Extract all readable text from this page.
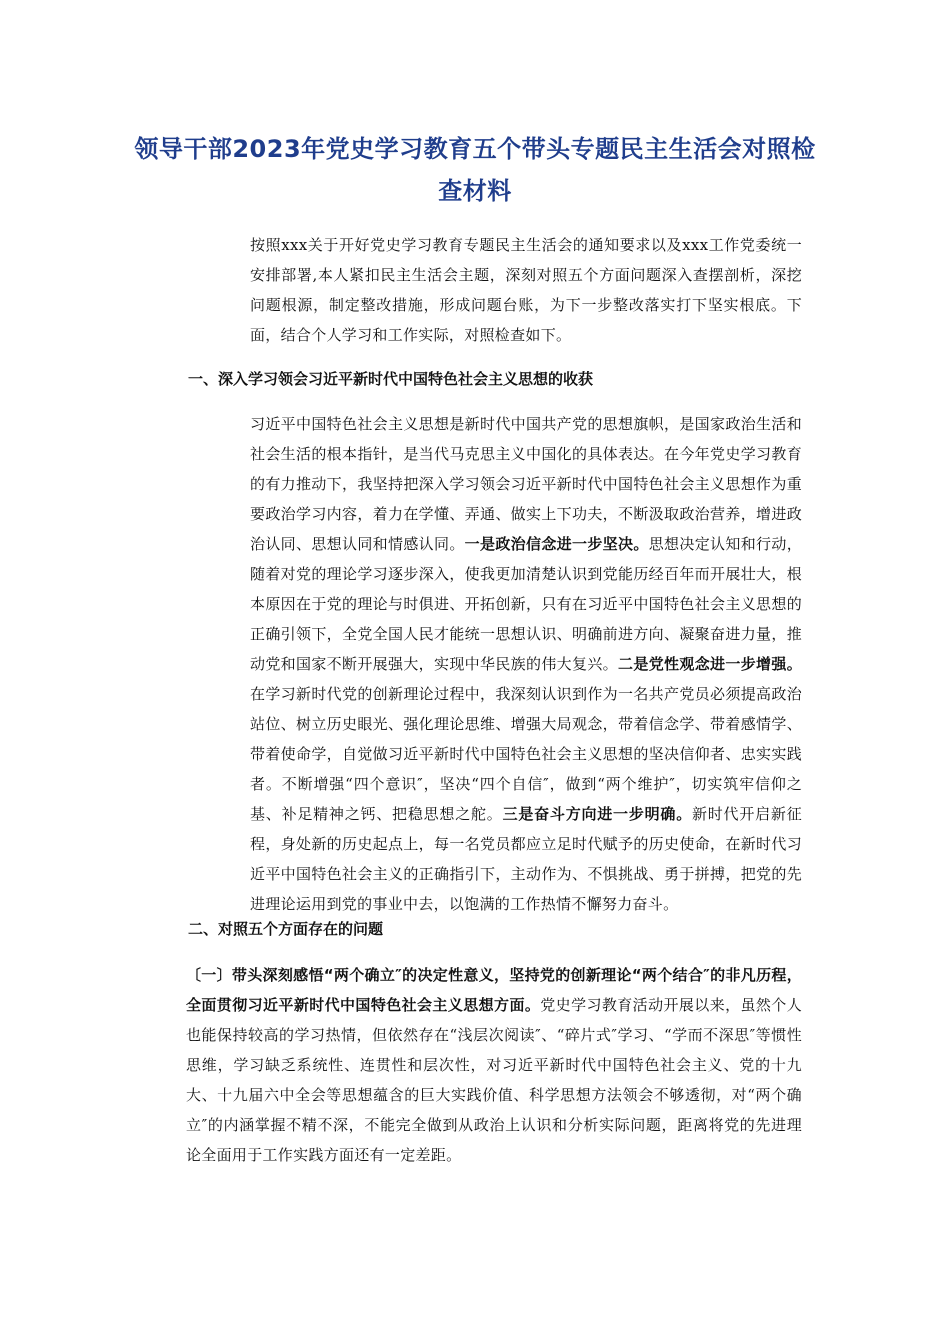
领导干部2023年党史学习教育五个带头专题民主生活会对照检查材料
按照xxx关于开好党史学习教育专题民主生活会的通知要求以及xxx工作党委统一安排部署,本人紧扣民主生活会主题，深刻对照五个方面问题深入查摆剖析，深挖问题根源，制定整改措施，形成问题台账，为下一步整改落实打下坚实根底。下面，结合个人学习和工作实际，对照检查如下。
一、深入学习领会习近平新时代中国特色社会主义思想的收获
习近平中国特色社会主义思想是新时代中国共产党的思想旗帜，是国家政治生活和社会生活的根本指针，是当代马克思主义中国化的具体表达。在今年党史学习教育的有力推动下，我坚持把深入学习领会习近平新时代中国特色社会主义思想作为重要政治学习内容，着力在学懂、弄通、做实上下功夫，不断汲取政治营养，增进政治认同、思想认同和情感认同。一是政治信念进一步坚决。思想决定认知和行动，随着对党的理论学习逐步深入，使我更加清楚认识到党能历经百年而开展壮大，根本原因在于党的理论与时俱进、开拓创新，只有在习近平中国特色社会主义思想的正确引领下，全党全国人民才能统一思想认识、明确前进方向、凝聚奋进力量，推动党和国家不断开展强大，实现中华民族的伟大复兴。二是党性观念进一步增强。在学习新时代党的创新理论过程中，我深刻认识到作为一名共产党员必须提高政治站位、树立历史眼光、强化理论思维、增强大局观念，带着信念学、带着感情学、带着使命学，自觉做习近平新时代中国特色社会主义思想的坚决信仰者、忠实实践者。不断增强“四个意识″，坚决“四个自信″，做到“两个维护″，切实筑牢信仰之基、补足精神之钙、把稳思想之舵。三是奋斗方向进一步明确。新时代开启新征程，身处新的历史起点上，每一名党员都应立足时代赋予的历史使命，在新时代习近平中国特色社会主义的正确指引下，主动作为、不惧挑战、勇于拼搏，把党的先进理论运用到党的事业中去，以饱满的工作热情不懈努力奋斗。
二、对照五个方面存在的问题
〔一〕带头深刻感悟“两个确立″的决定性意义，坚持党的创新理论“两个结合″的非凡历程，全面贯彻习近平新时代中国特色社会主义思想方面。党史学习教育活动开展以来，虽然个人也能保持较高的学习热情，但依然存在“浅层次阅读″、“碎片式″学习、“学而不深思″等惯性思维，学习缺乏系统性、连贯性和层次性，对习近平新时代中国特色社会主义、党的十九大、十九届六中全会等思想蕴含的巨大实践价值、科学思想方法领会不够透彻，对“两个确立″的内涵掌握不精不深，不能完全做到从政治上认识和分析实际问题，距离将党的先进理论全面用于工作实践方面还有一定差距。
